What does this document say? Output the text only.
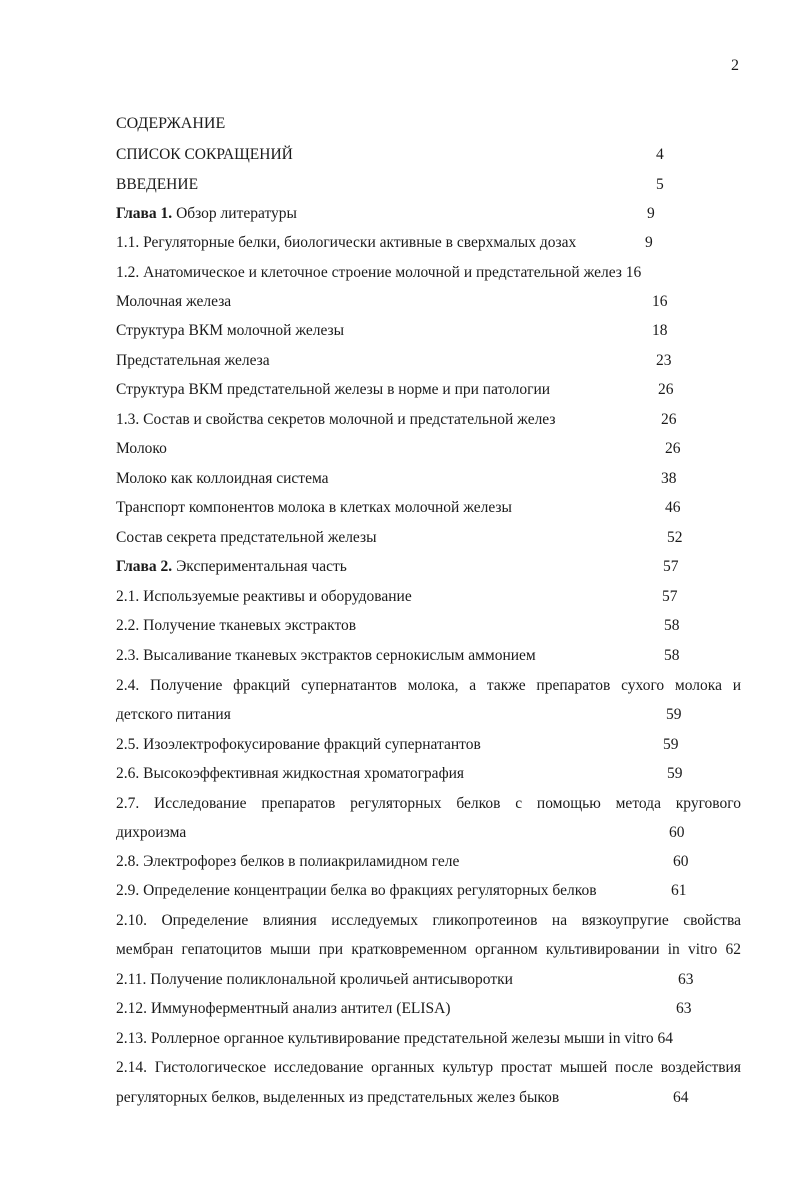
2
СОДЕРЖАНИЕ
СПИСОК СОКРАЩЕНИЙ	4
ВВЕДЕНИЕ	5
Глава 1. Обзор литературы	9
1.1. Регуляторные белки, биологически активные в сверхмалых дозах	9
1.2. Анатомическое и клеточное строение молочной и предстательной желез 16
Молочная железа	16
Структура ВКМ молочной железы	18
Предстательная железа	23
Структура ВКМ предстательной железы в норме и при патологии	26
1.3. Состав и свойства секретов молочной и предстательной желез	26
Молоко	26
Молоко как коллоидная система	38
Транспорт компонентов молока в клетках молочной железы	46
Состав секрета предстательной железы	52
Глава 2. Экспериментальная часть	57
2.1. Используемые реактивы и оборудование	57
2.2. Получение тканевых экстрактов	58
2.3. Высаливание тканевых экстрактов сернокислым аммонием	58
2.4. Получение фракций супернатантов молока, а также препаратов сухого молока и
детского питания	59
2.5. Изоэлектрофокусирование фракций супернатантов	59
2.6. Высокоэффективная жидкостная хроматография	59
2.7. Исследование препаратов регуляторных белков с помощью метода кругового
дихроизма	60
2.8. Электрофорез белков в полиакриламидном геле	60
2.9. Определение концентрации белка во фракциях регуляторных белков	61
2.10. Определение влияния исследуемых гликопротеинов на вязкоупругие свойства
мембран гепатоцитов мыши при кратковременном органном культивировании in vitro 62
2.11. Получение поликлональной кроличьей антисыворотки	63
2.12. Иммуноферментный анализ антител (ELISA)	63
2.13. Роллерное органное культивирование предстательной железы мыши in vitro 64
2.14. Гистологическое исследование органных культур простат мышей после воздействия
регуляторных белков, выделенных из предстательных желез быков	64
